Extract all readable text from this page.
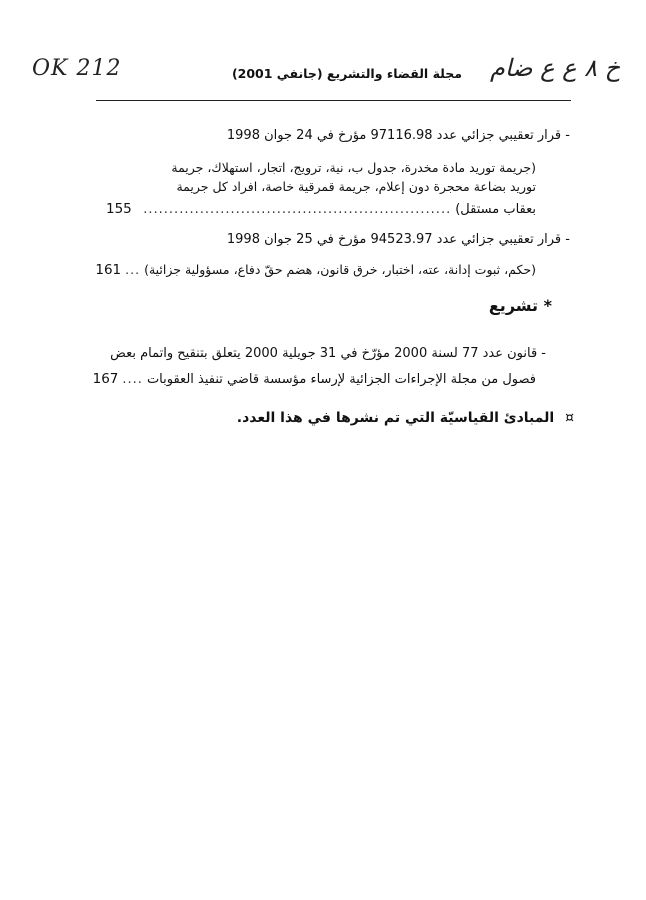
OK 212	خ ٨ ع ع ضام
مجلة القضاء والتشريع (جانفي 2001)
- قرار تعقيبي جزائي عدد 97116.98 مؤرخ في 24 جوان 1998
(جريمة توريد مادة مخدرة، جدول ب، نية، ترويج، اتجار، استهلاك، جريمة
توريد بضاعة محجرة دون إعلام، جريمة قمرقية خاصة، افراد كل جريمة
بعقاب مستقل)
............................................................
155
- قرار تعقيبي جزائي عدد 94523.97 مؤرخ في 25 جوان 1998
(حكم، ثبوت إدانة، عته، اختبار، خرق قانون، هضم حقّ دفاع، مسؤولية جزائية)
...
161
* تشريع
- قانون عدد 77 لسنة 2000 مؤرّخ في 31 جويلية 2000 يتعلق بتنقيح واتمام بعض
فصول من مجلة الإجراءات الجزائية لإرساء مؤسسة قاضي تنفيذ العقوبات
....
167
¤ المبادئ القياسيّة التي تم نشرها في هذا العدد.
